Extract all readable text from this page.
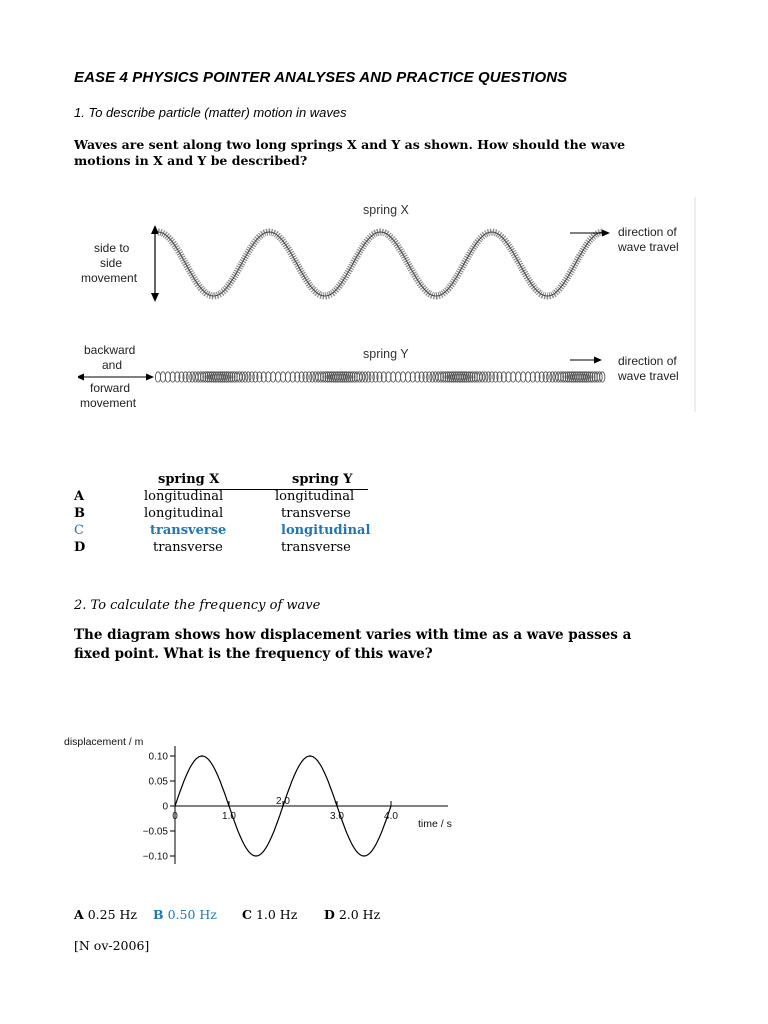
EASE 4 PHYSICS POINTER ANALYSES AND PRACTICE QUESTIONS
1. To describe particle (matter) motion in waves
Waves are sent along two long springs X and Y as shown. How should the wave motions in X and Y be described?
spring X
side to side movement
direction of wave travel
spring Y
backward and forward movement
direction of wave travel
spring X	spring Y
A	longitudinal	longitudinal
B	longitudinal	transverse
C	transverse	longitudinal
D	transverse	transverse
2. To calculate the frequency of wave
The diagram shows how displacement varies with time as a wave passes a fixed point. What is the frequency of this wave?
displacement / m
time / s
0.10
0.05
0
−0.05
−0.10
0	1.0
2.0
3.0	4.0
A 0.25 Hz B 0.50 Hz C 1.0 Hz D 2.0 Hz
[N ov-2006]
